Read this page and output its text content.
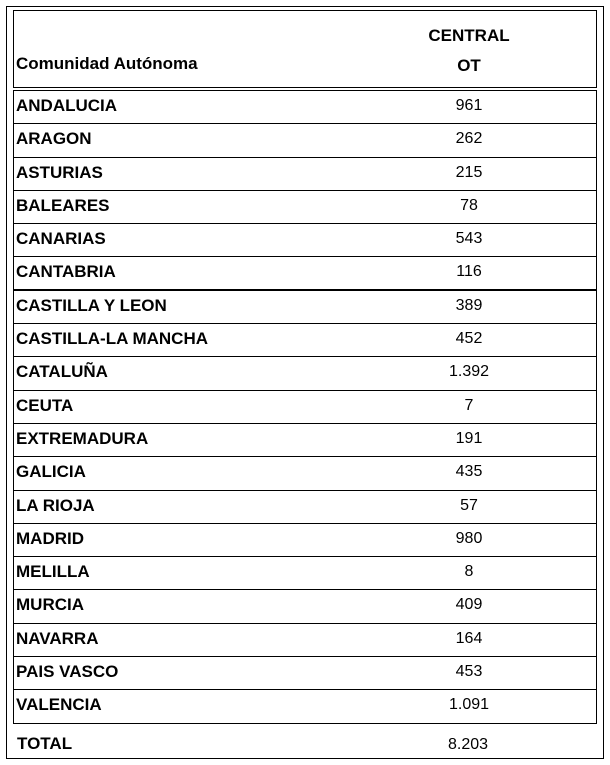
Comunidad Autónoma
CENTRAL
OT
ANDALUCIA	961
ARAGON	262
ASTURIAS	215
BALEARES	78
CANARIAS	543
CANTABRIA	116
CASTILLA Y LEON	389
CASTILLA-LA MANCHA	452
CATALUÑA	1.392
CEUTA	7
EXTREMADURA	191
GALICIA	435
LA RIOJA	57
MADRID	980
MELILLA	8
MURCIA	409
NAVARRA	164
PAIS VASCO	453
VALENCIA	1.091
TOTAL	8.203
